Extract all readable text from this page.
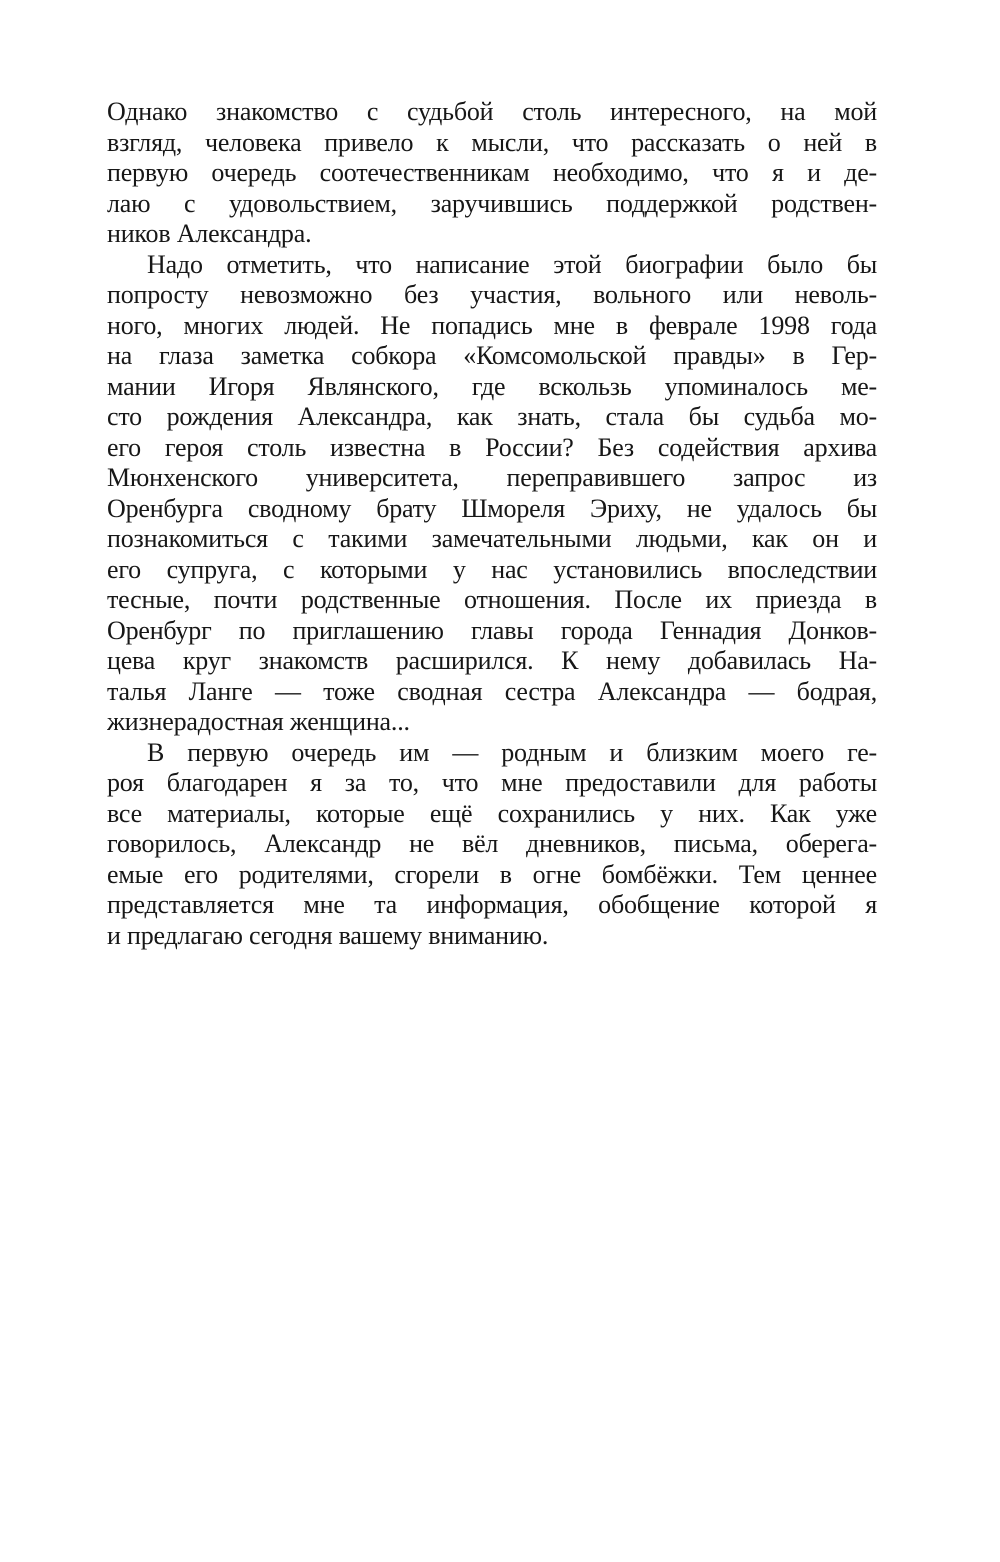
Однако знакомство с судьбой столь интересного, на мой
взгляд, человека привело к мысли, что рассказать о ней в
первую очередь соотечественникам необходимо, что я и де-
лаю с удовольствием, заручившись поддержкой родствен-
ников Александра.
Надо отметить, что написание этой биографии было бы
попросту невозможно без участия, вольного или неволь-
ного, многих людей. Не попадись мне в феврале 1998 года
на глаза заметка собкора «Комсомольской правды» в Гер-
мании Игоря Являнского, где вскользь упоминалось ме-
сто рождения Александра, как знать, стала бы судьба мо-
его героя столь известна в России? Без содействия архива
Мюнхенского университета, переправившего запрос из
Оренбурга сводному брату Шмореля Эриху, не удалось бы
познакомиться с такими замечательными людьми, как он и
его супруга, с которыми у нас установились впоследствии
тесные, почти родственные отношения. После их приезда в
Оренбург по приглашению главы города Геннадия Донков-
цева круг знакомств расширился. К нему добавилась На-
талья Ланге — тоже сводная сестра Александра — бодрая,
жизнерадостная женщина...
В первую очередь им — родным и близким моего ге-
роя благодарен я за то, что мне предоставили для работы
все материалы, которые ещё сохранились у них. Как уже
говорилось, Александр не вёл дневников, письма, оберега-
емые его родителями, сгорели в огне бомбёжки. Тем ценнее
представляется мне та информация, обобщение которой я
и предлагаю сегодня вашему вниманию.
